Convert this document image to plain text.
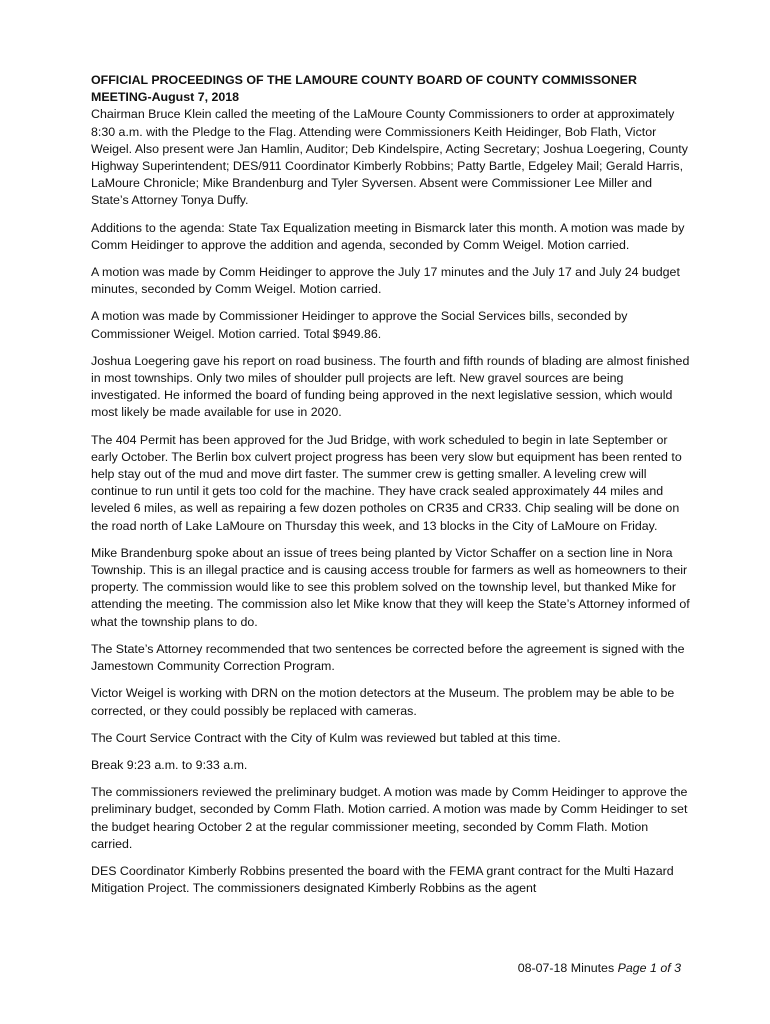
OFFICIAL PROCEEDINGS OF THE LAMOURE COUNTY BOARD OF COUNTY COMMISSONER
MEETING-August 7, 2018

Chairman Bruce Klein called the meeting of the LaMoure County Commissioners to order at approximately 8:30 a.m. with the Pledge to the Flag. Attending were Commissioners Keith Heidinger, Bob Flath, Victor Weigel. Also present were Jan Hamlin, Auditor; Deb Kindelspire, Acting Secretary; Joshua Loegering, County Highway Superintendent; DES/911 Coordinator Kimberly Robbins; Patty Bartle, Edgeley Mail; Gerald Harris, LaMoure Chronicle; Mike Brandenburg and Tyler Syversen. Absent were Commissioner Lee Miller and State’s Attorney Tonya Duffy.

Additions to the agenda: State Tax Equalization meeting in Bismarck later this month. A motion was made by Comm Heidinger to approve the addition and agenda, seconded by Comm Weigel. Motion carried.

A motion was made by Comm Heidinger to approve the July 17 minutes and the July 17 and July 24 budget minutes, seconded by Comm Weigel. Motion carried.

A motion was made by Commissioner Heidinger to approve the Social Services bills, seconded by Commissioner Weigel. Motion carried. Total $949.86.

Joshua Loegering gave his report on road business. The fourth and fifth rounds of blading are almost finished in most townships. Only two miles of shoulder pull projects are left. New gravel sources are being investigated. He informed the board of funding being approved in the next legislative session, which would most likely be made available for use in 2020.

The 404 Permit has been approved for the Jud Bridge, with work scheduled to begin in late September or early October. The Berlin box culvert project progress has been very slow but equipment has been rented to help stay out of the mud and move dirt faster. The summer crew is getting smaller. A leveling crew will continue to run until it gets too cold for the machine. They have crack sealed approximately 44 miles and leveled 6 miles, as well as repairing a few dozen potholes on CR35 and CR33. Chip sealing will be done on the road north of Lake LaMoure on Thursday this week, and 13 blocks in the City of LaMoure on Friday.

Mike Brandenburg spoke about an issue of trees being planted by Victor Schaffer on a section line in Nora Township. This is an illegal practice and is causing access trouble for farmers as well as homeowners to their property. The commission would like to see this problem solved on the township level, but thanked Mike for attending the meeting. The commission also let Mike know that they will keep the State’s Attorney informed of what the township plans to do.

The State’s Attorney recommended that two sentences be corrected before the agreement is signed with the Jamestown Community Correction Program.

Victor Weigel is working with DRN on the motion detectors at the Museum. The problem may be able to be corrected, or they could possibly be replaced with cameras.

The Court Service Contract with the City of Kulm was reviewed but tabled at this time.

Break 9:23 a.m. to 9:33 a.m.

The commissioners reviewed the preliminary budget. A motion was made by Comm Heidinger to approve the preliminary budget, seconded by Comm Flath. Motion carried. A motion was made by Comm Heidinger to set the budget hearing October 2 at the regular commissioner meeting, seconded by Comm Flath. Motion carried.

DES Coordinator Kimberly Robbins presented the board with the FEMA grant contract for the Multi Hazard Mitigation Project. The commissioners designated Kimberly Robbins as the agent

08-07-18 Minutes Page 1 of 3
